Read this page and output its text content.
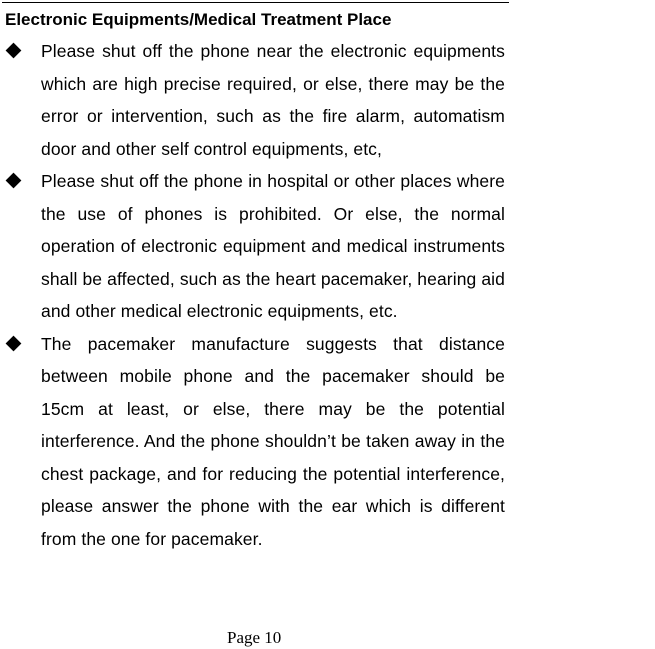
Electronic Equipments/Medical Treatment Place
Please shut off the phone near the electronic equipments which are high precise required, or else, there may be the error or intervention, such as the fire alarm, automatism door and other self control equipments, etc,
Please shut off the phone in hospital or other places where the use of phones is prohibited. Or else, the normal operation of electronic equipment and medical instruments shall be affected, such as the heart pacemaker, hearing aid and other medical electronic equipments, etc.
The pacemaker manufacture suggests that distance between mobile phone and the pacemaker should be 15cm at least, or else, there may be the potential interference. And the phone shouldn’t be taken away in the chest package, and for reducing the potential interference, please answer the phone with the ear which is different from the one for pacemaker.
Page 10
